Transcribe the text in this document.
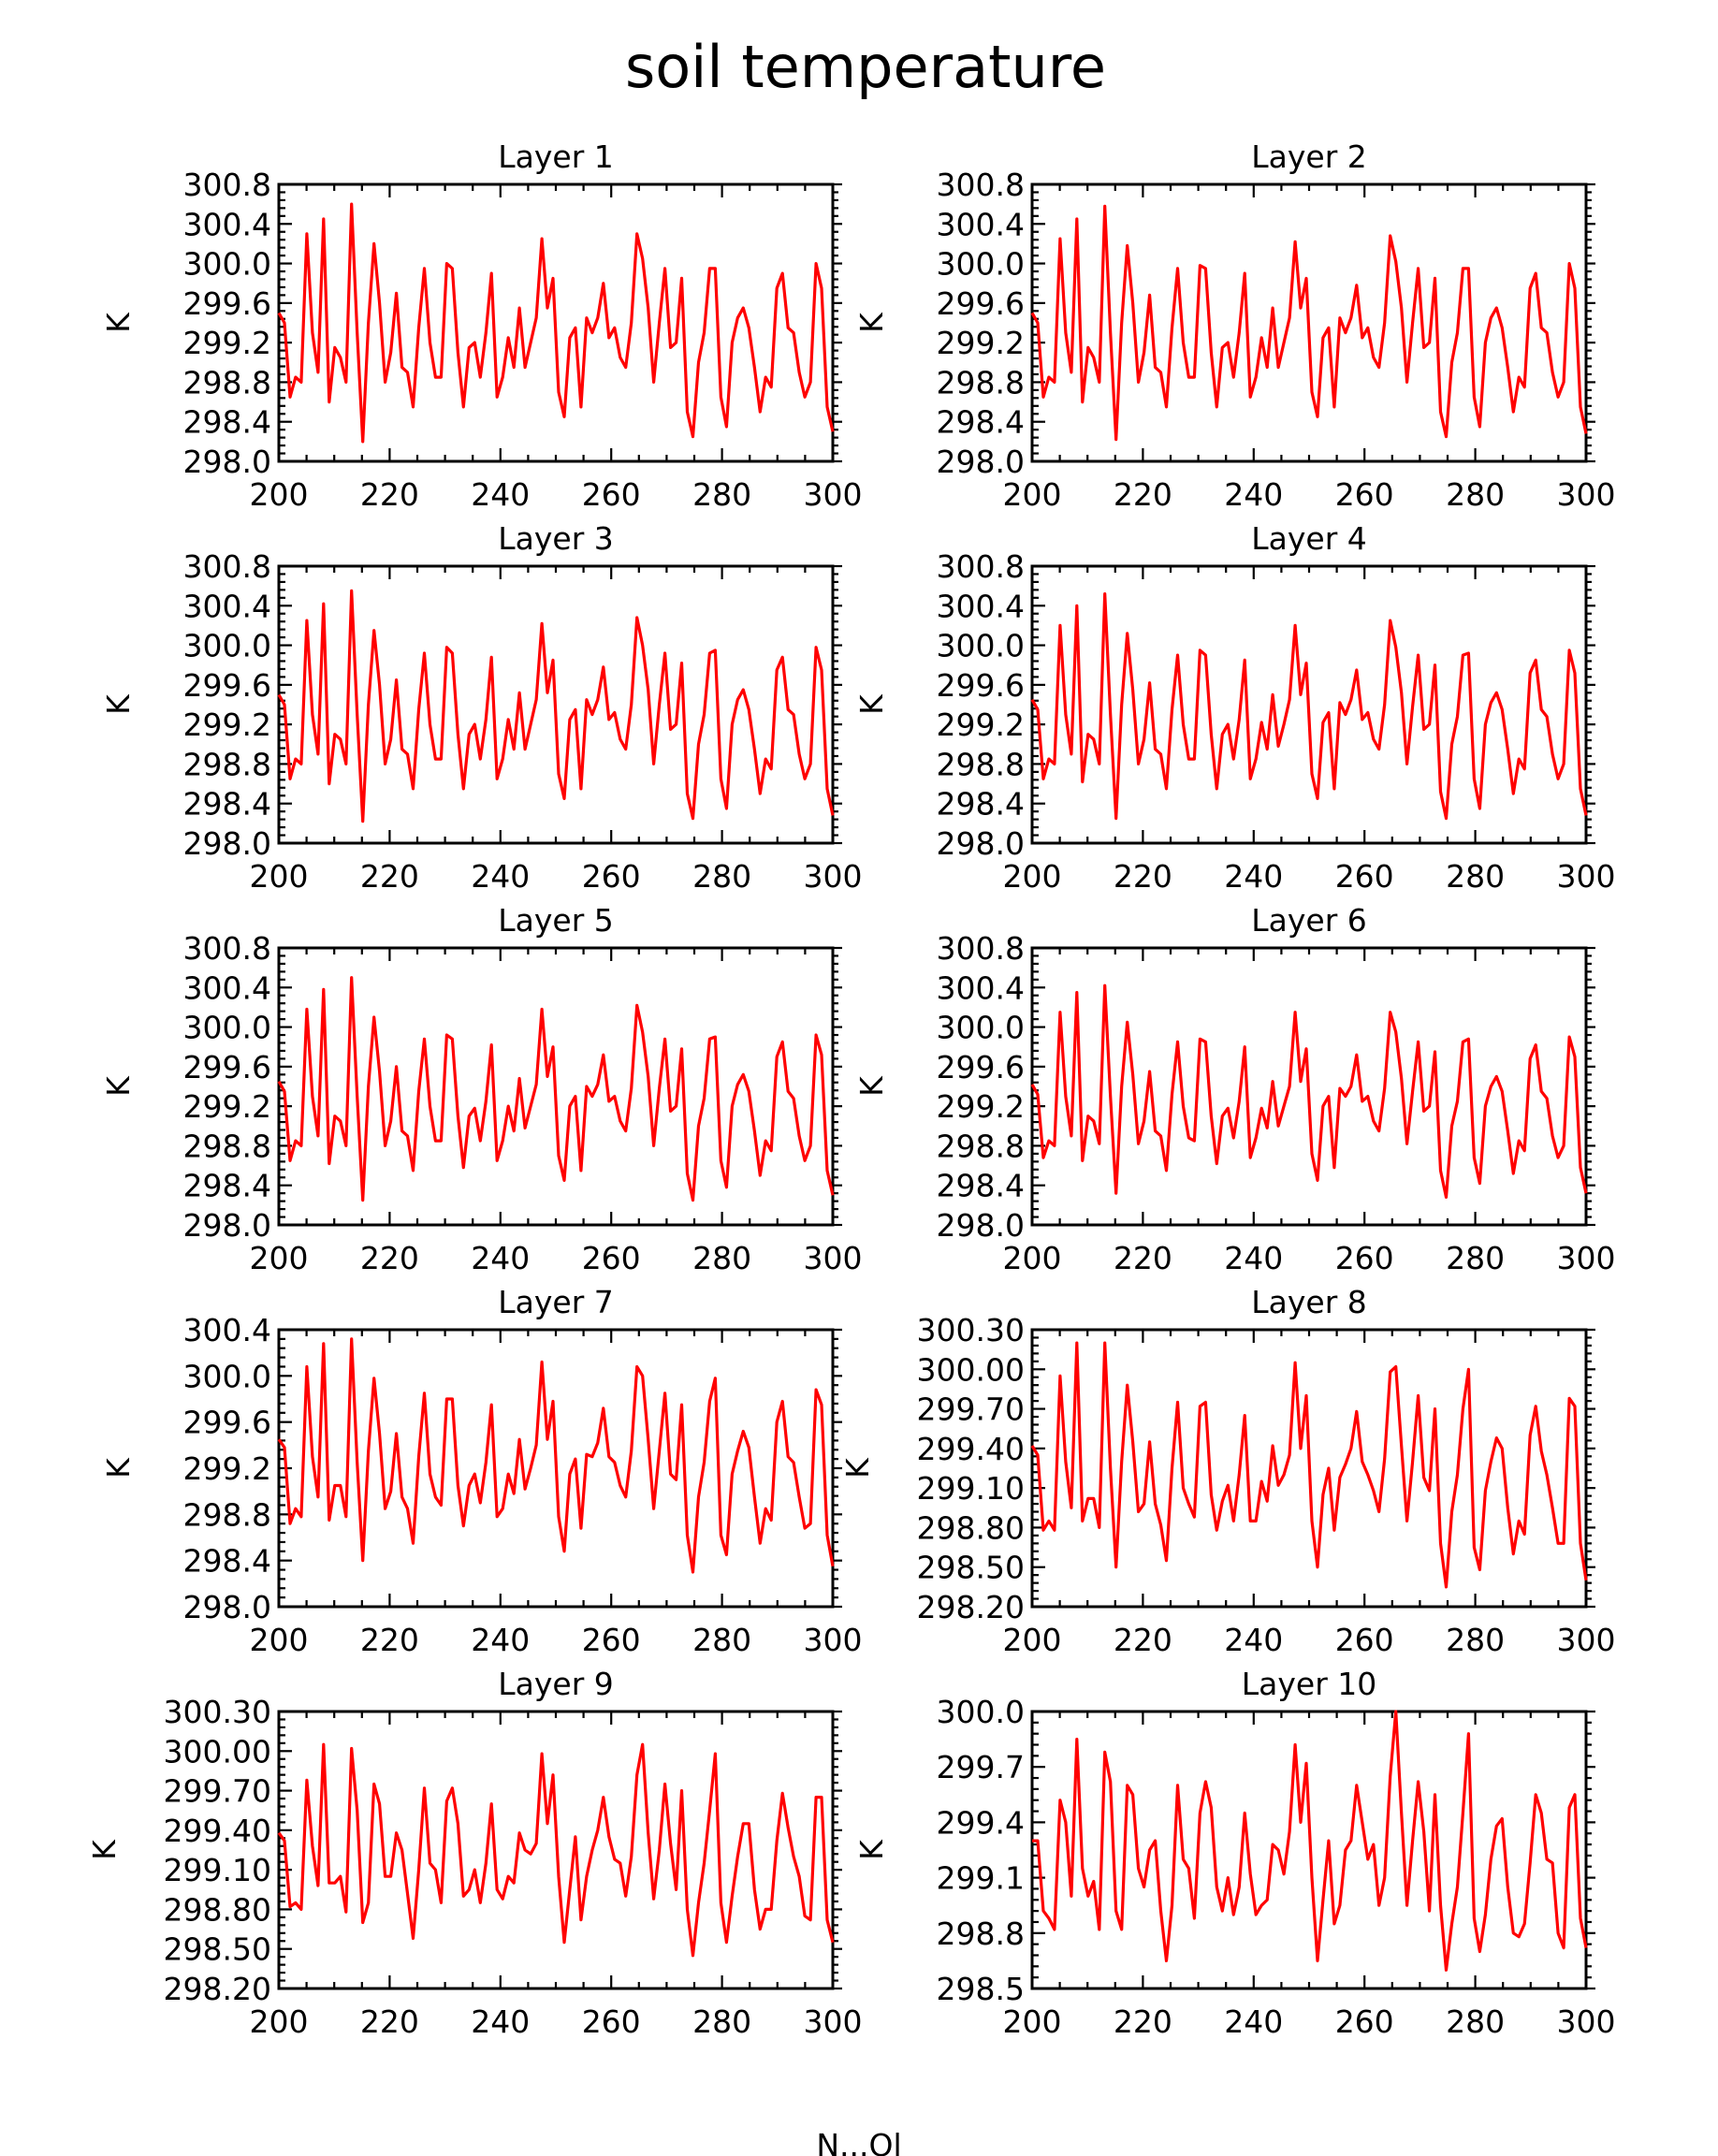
soil temperature
Layer 1
200 220 240 260 280 300
298.0
298.4
298.8
299.2
299.6
300.0
300.4
300.8
K
Layer 2
200 220 240 260 280 300
298.0
298.4
298.8
299.2
299.6
300.0
300.4
300.8
K
Layer 3
200 220 240 260 280 300
298.0
298.4
298.8
299.2
299.6
300.0
300.4
300.8
K
Layer 4
200 220 240 260 280 300
298.0
298.4
298.8
299.2
299.6
300.0
300.4
300.8
K
Layer 5
200 220 240 260 280 300
298.0
298.4
298.8
299.2
299.6
300.0
300.4
300.8
K
Layer 6
200 220 240 260 280 300
298.0
298.4
298.8
299.2
299.6
300.0
300.4
300.8
K
Layer 7
200 220 240 260 280 300
298.0
298.4
298.8
299.2
299.6
300.0
300.4
K
Layer 8
200 220 240 260 280 300
298.20
298.50
298.80
299.10
299.40
299.70
300.00
300.30
K
Layer 9
200 220 240 260 280 300
298.20
298.50
298.80
299.10
299.40
299.70
300.00
300.30
K
Layer 10
200 220 240 260 280 300
298.5
298.8
299.1
299.4
299.7
300.0
K
N...Ol
